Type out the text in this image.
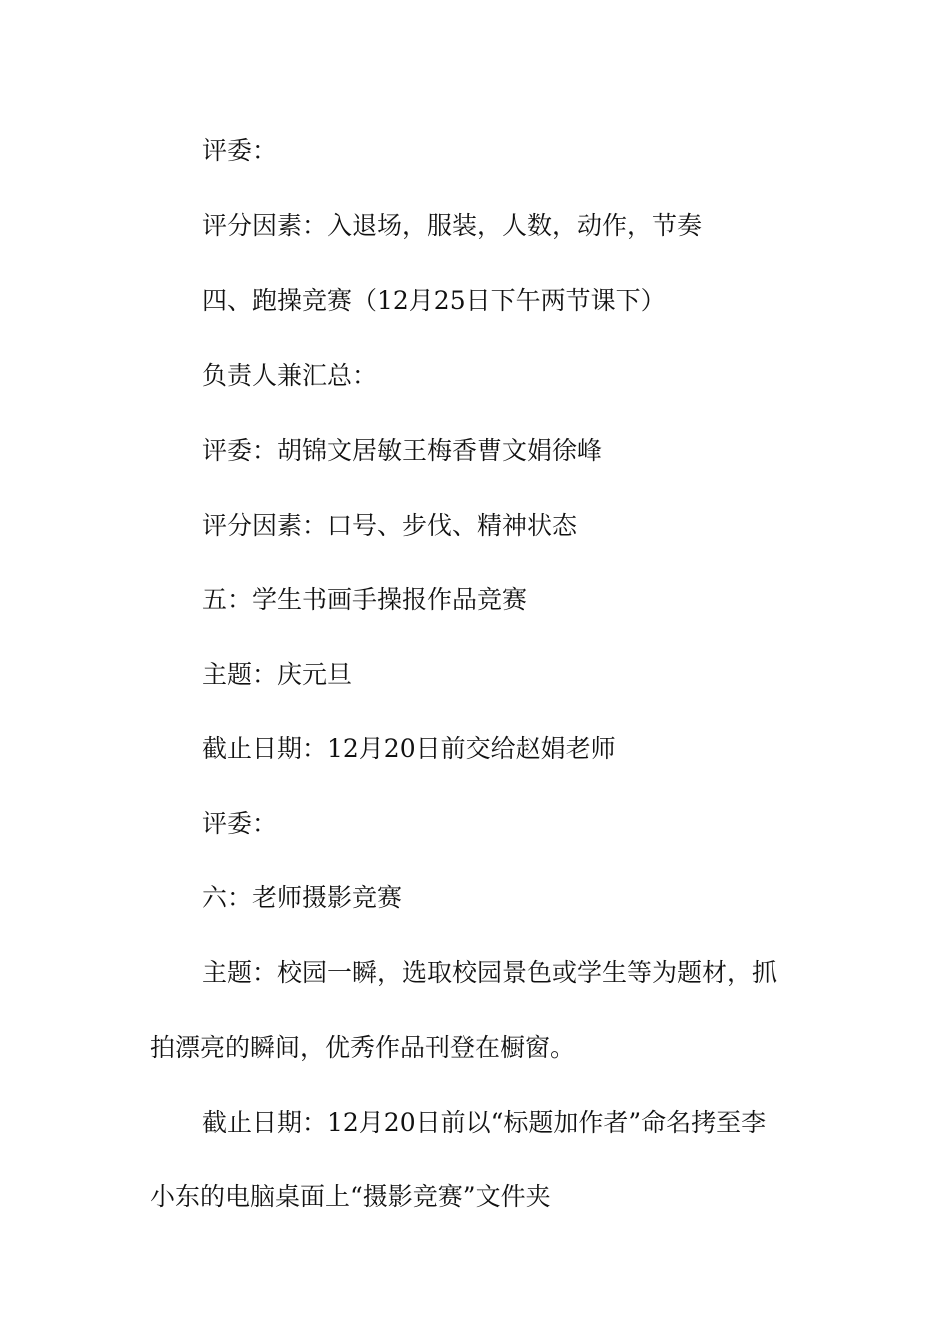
评委：
评分因素：入退场，服装，人数，动作，节奏
四、跑操竞赛（12月25日下午两节课下）
负责人兼汇总：
评委：胡锦文居敏王梅香曹文娟徐峰
评分因素：口号、步伐、精神状态
五：学生书画手操报作品竞赛
主题：庆元旦
截止日期：12月20日前交给赵娟老师
评委：
六：老师摄影竞赛
主题：校园一瞬，选取校园景色或学生等为题材，抓
拍漂亮的瞬间，优秀作品刊登在橱窗。
截止日期：12月20日前以“标题加作者”命名拷至李
小东的电脑桌面上“摄影竞赛”文件夹
